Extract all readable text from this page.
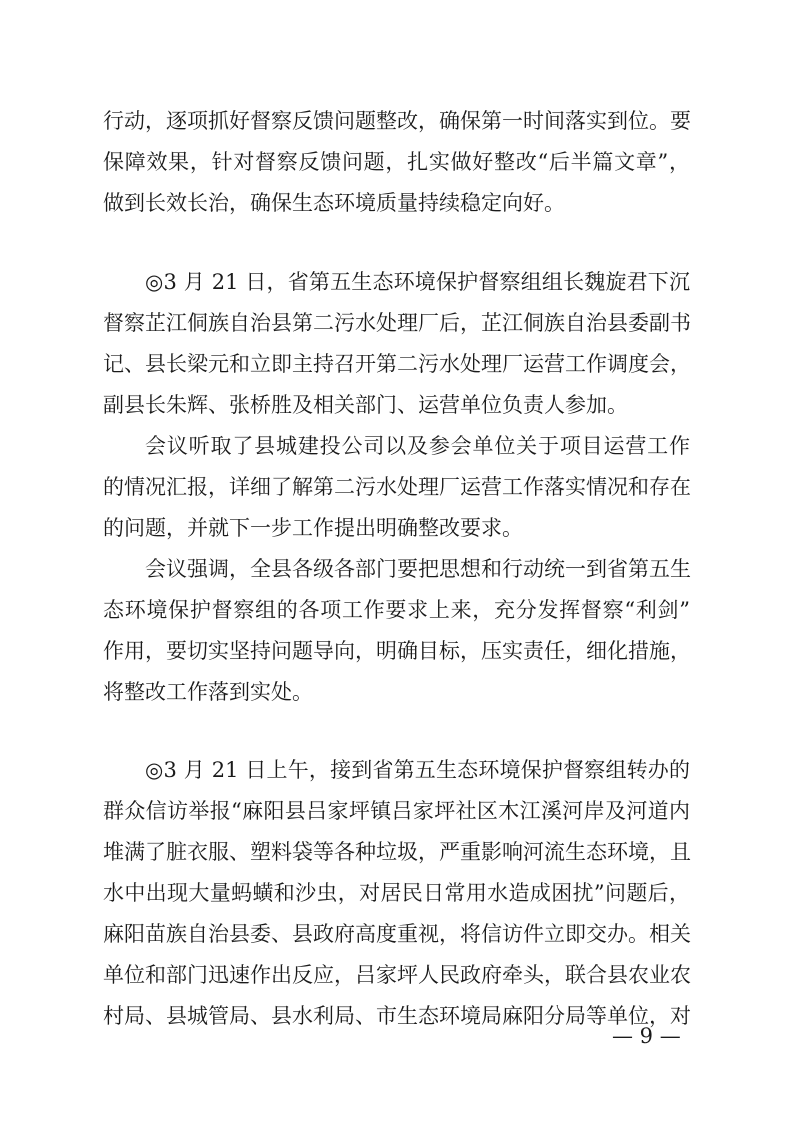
行动，逐项抓好督察反馈问题整改，确保第一时间落实到位。要
保障效果，针对督察反馈问题，扎实做好整改“后半篇文章”，
做到长效长治，确保生态环境质量持续稳定向好。
◎3 月 21 日，省第五生态环境保护督察组组长魏旋君下沉
督察芷江侗族自治县第二污水处理厂后，芷江侗族自治县委副书
记、县长梁元和立即主持召开第二污水处理厂运营工作调度会，
副县长朱辉、张桥胜及相关部门、运营单位负责人参加。
会议听取了县城建投公司以及参会单位关于项目运营工作
的情况汇报，详细了解第二污水处理厂运营工作落实情况和存在
的问题，并就下一步工作提出明确整改要求。
会议强调，全县各级各部门要把思想和行动统一到省第五生
态环境保护督察组的各项工作要求上来，充分发挥督察“利剑”
作用，要切实坚持问题导向，明确目标，压实责任，细化措施，
将整改工作落到实处。
◎3 月 21 日上午，接到省第五生态环境保护督察组转办的
群众信访举报“麻阳县吕家坪镇吕家坪社区木江溪河岸及河道内
堆满了脏衣服、塑料袋等各种垃圾，严重影响河流生态环境，且
水中出现大量蚂蟥和沙虫，对居民日常用水造成困扰”问题后，
麻阳苗族自治县委、县政府高度重视，将信访件立即交办。相关
单位和部门迅速作出反应，吕家坪人民政府牵头，联合县农业农
村局、县城管局、县水利局、市生态环境局麻阳分局等单位，对
— 9 —
